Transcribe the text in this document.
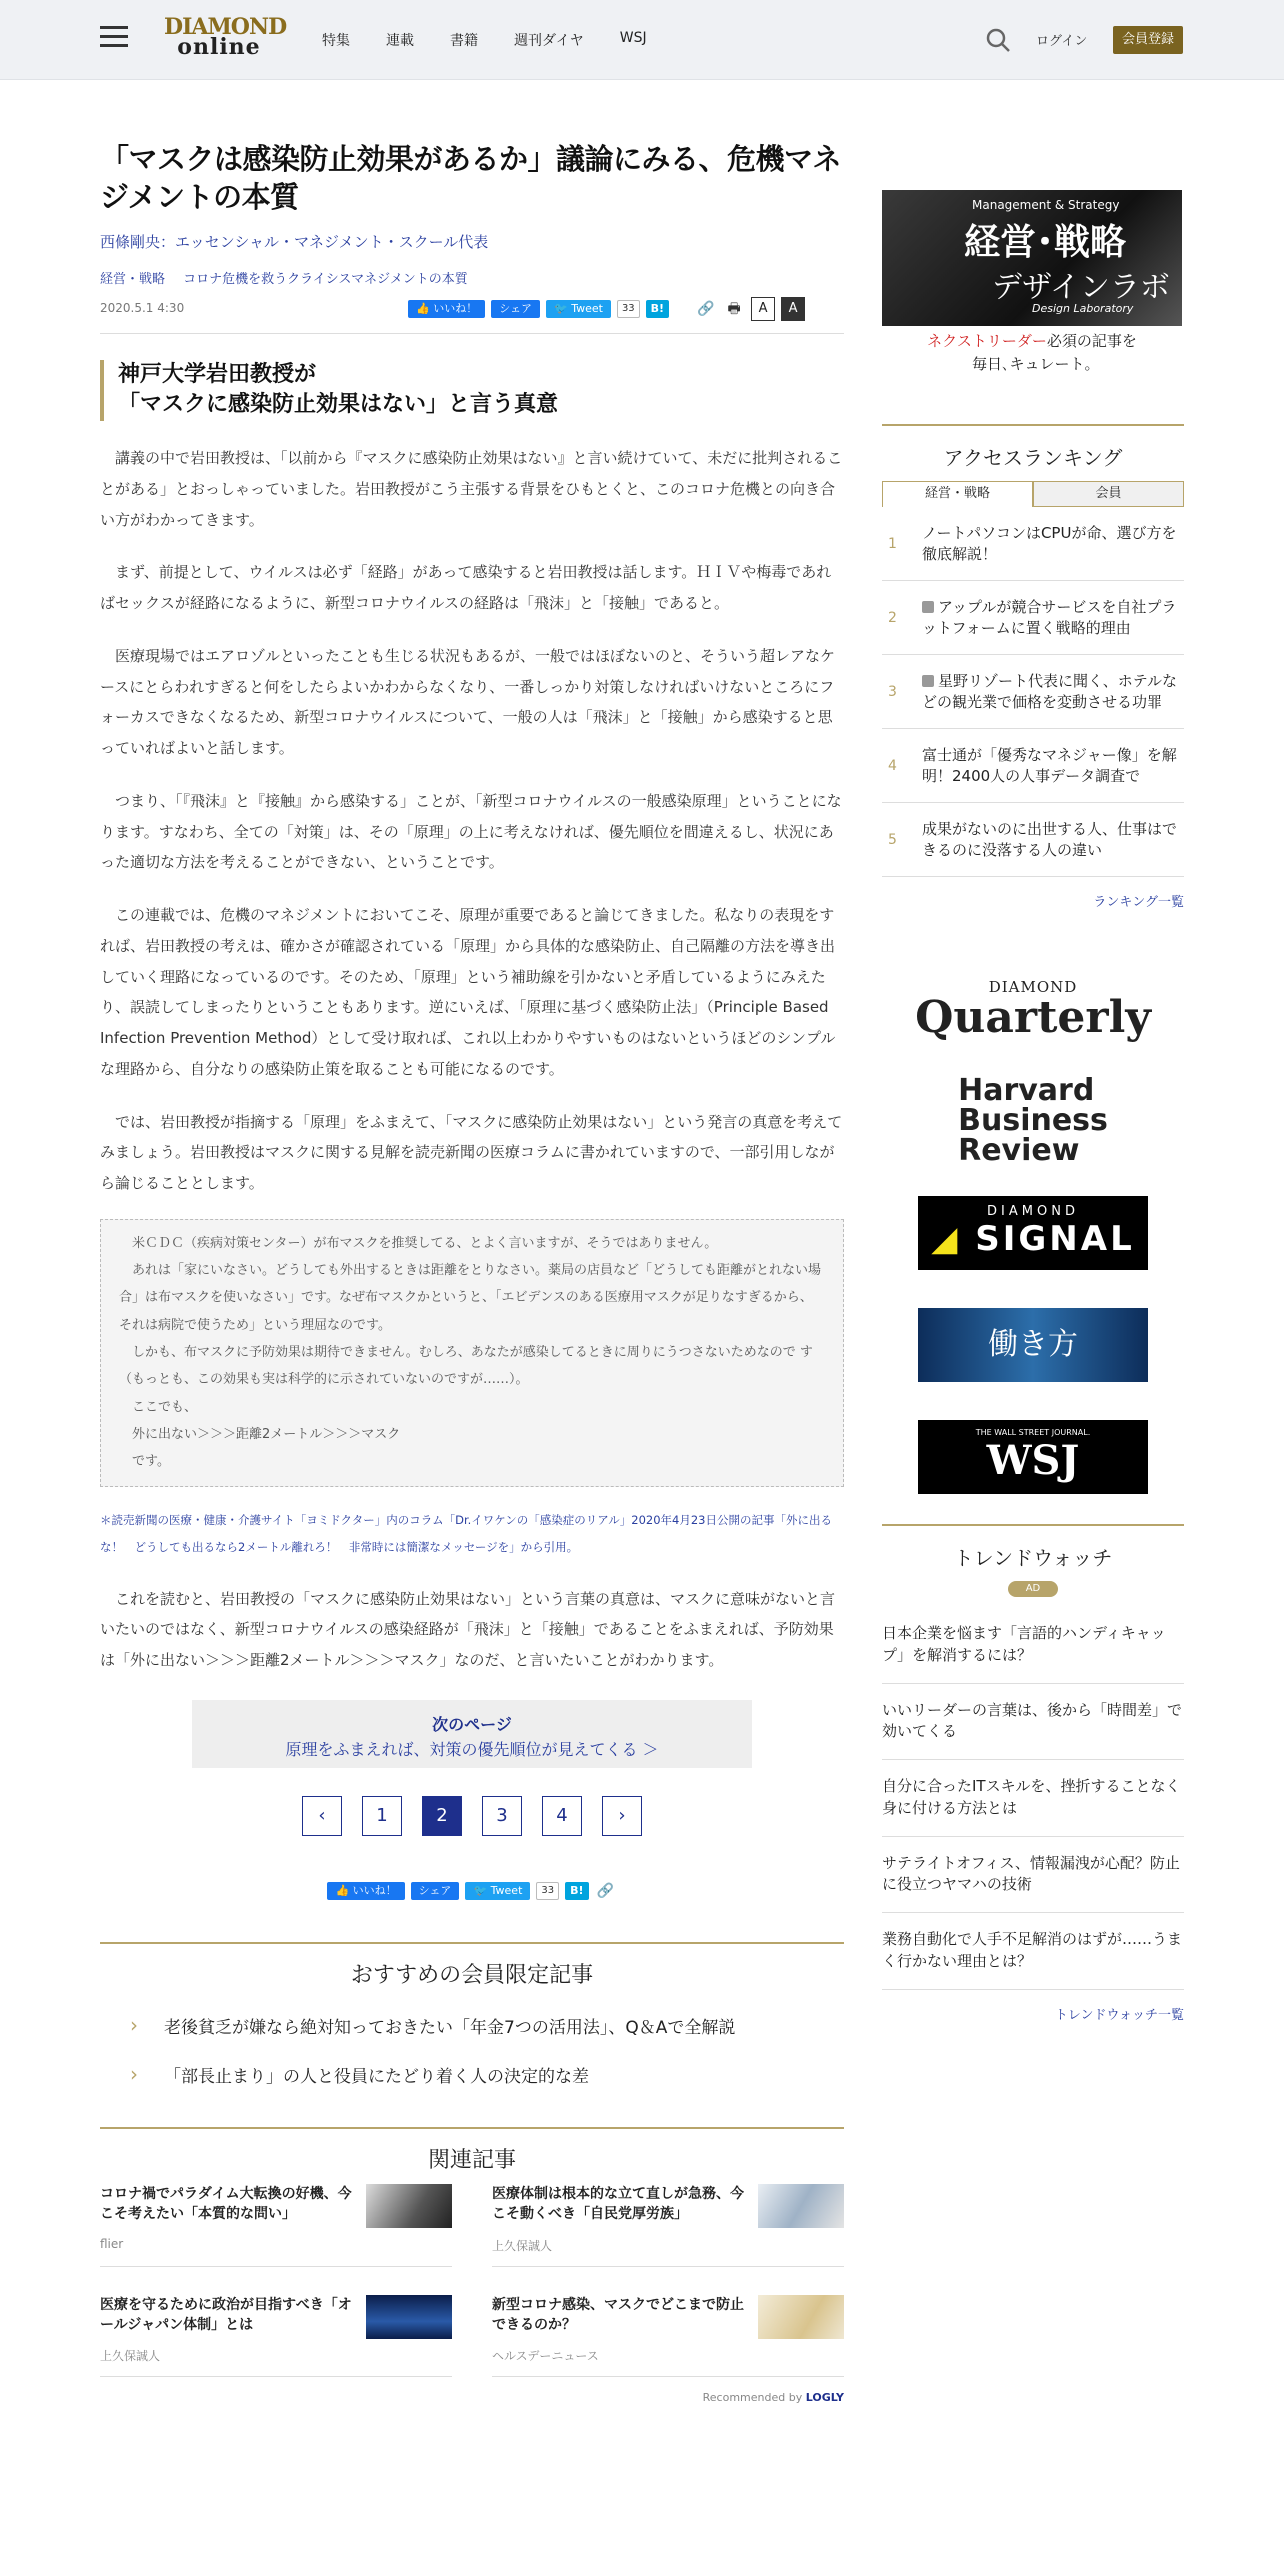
DIAMOND
online	特集	連載	書籍	週刊ダイヤ	WSJ	ログイン	会員登録
「マスクは感染防止効果があるか」議論にみる、危機マネジメントの本質
西條剛央：エッセンシャル・マネジメント・スクール代表
経営・戦略 コロナ危機を救うクライシスマネジメントの本質
2020.5.1 4:30	👍 いいね！	シェア	🐦 Tweet	33	B!	🔗 🖶	A	A
神戸大学岩田教授が
「マスクに感染防止効果はない」と言う真意

講義の中で岩田教授は、「以前から『マスクに感染防止効果はない』と言い続けていて、未だに批判されることがある」とおっしゃっていました。岩田教授がこう主張する背景をひもとくと、このコロナ危機との向き合い方がわかってきます。

まず、前提として、ウイルスは必ず「経路」があって感染すると岩田教授は話します。ＨＩＶや梅毒であればセックスが経路になるように、新型コロナウイルスの経路は「飛沫」と「接触」であると。

医療現場ではエアロゾルといったことも生じる状況もあるが、一般ではほぼないのと、そういう超レアなケースにとらわれすぎると何をしたらよいかわからなくなり、一番しっかり対策しなければいけないところにフォーカスできなくなるため、新型コロナウイルスについて、一般の人は「飛沫」と「接触」から感染すると思っていればよいと話します。

つまり、「『飛沫』と『接触』から感染する」ことが、「新型コロナウイルスの一般感染原理」ということになります。すなわち、全ての「対策」は、その「原理」の上に考えなければ、優先順位を間違えるし、状況にあった適切な方法を考えることができない、ということです。

この連載では、危機のマネジメントにおいてこそ、原理が重要であると論じてきました。私なりの表現をすれば、岩田教授の考えは、確かさが確認されている「原理」から具体的な感染防止、自己隔離の方法を導き出していく理路になっているのです。そのため、「原理」という補助線を引かないと矛盾しているようにみえたり、誤読してしまったりということもあります。逆にいえば、「原理に基づく感染防止法」（Principle Based Infection Prevention Method）として受け取れば、これ以上わかりやすいものはないというほどのシンプルな理路から、自分なりの感染防止策を取ることも可能になるのです。

では、岩田教授が指摘する「原理」をふまえて、「マスクに感染防止効果はない」という発言の真意を考えてみましょう。岩田教授はマスクに関する見解を読売新聞の医療コラムに書かれていますので、一部引用しながら論じることとします。

米ＣＤＣ（疾病対策センター）が布マスクを推奨してる、とよく言いますが、そうではありません。

あれは「家にいなさい。どうしても外出するときは距離をとりなさい。薬局の店員など「どうしても距離がとれない場合」は布マスクを使いなさい」です。なぜ布マスクかというと、「エビデンスのある医療用マスクが足りなすぎるから、それは病院で使うため」という理屈なのです。

しかも、布マスクに予防効果は期待できません。むしろ、あなたが感染してるときに周りにうつさないためなので す（もっとも、この効果も実は科学的に示されていないのですが……）。

ここでも、

外に出ない＞＞＞距離2メートル＞＞＞マスク

です。

＊読売新聞の医療・健康・介護サイト「ヨミドクター」内のコラム「Dr.イワケンの「感染症のリアル」2020年4月23日公開の記事「外に出るな！　どうしても出るなら2メートル離れろ！　非常時には簡潔なメッセージを」から引用。

これを読むと、岩田教授の「マスクに感染防止効果はない」という言葉の真意は、マスクに意味がないと言いたいのではなく、新型コロナウイルスの感染経路が「飛沫」と「接触」であることをふまえれば、予防効果は「外に出ない＞＞＞距離2メートル＞＞＞マスク」なのだ、と言いたいことがわかります。

次のページ
原理をふまえれば、対策の優先順位が見えてくる ＞
‹	1	2	3	4	›
👍 いいね！	シェア	🐦 Tweet	33	B! 🔗
おすすめの会員限定記事
› 老後貧乏が嫌なら絶対知っておきたい「年金7つの活用法」、Q＆Aで全解説
› 「部長止まり」の人と役員にたどり着く人の決定的な差
関連記事
コロナ禍でパラダイム大転換の好機、今こそ考えたい「本質的な問い」
flier
医療体制は根本的な立て直しが急務、今こそ動くべき「自民党厚労族」
上久保誠人
医療を守るために政治が目指すべき「オールジャパン体制」とは
上久保誠人
新型コロナ感染、マスクでどこまで防止できるのか？
ヘルスデーニュース
Recommended by LOGLY
Management & Strategy
経営･戦略
デザインラボ
Design Laboratory
ネクストリーダー必須の記事を
毎日､キュレート｡
アクセスランキング
経営・戦略	会員
1
ノートパソコンはCPUが命、選び方を徹底解説！
2
アップルが競合サービスを自社プラットフォームに置く戦略的理由
3
星野リゾート代表に聞く、ホテルなどの観光業で価格を変動させる功罪
4
富士通が「優秀なマネジャー像」を解明！2400人の人事データ調査で
5
成果がないのに出世する人、仕事はできるのに没落する人の違い
ランキング一覧
DIAMOND
Quarterly
Harvard
Business
Review
DIAMOND
◢ SIGNAL
働き方
THE WALL STREET JOURNAL.
WSJ
トレンドウォッチ
AD
日本企業を悩ます「言語的ハンディキャップ」を解消するには？
いいリーダーの言葉は、後から「時間差」で効いてくる
自分に合ったITスキルを、挫折することなく身に付ける方法とは
サテライトオフィス、情報漏洩が心配？防止に役立つヤマハの技術
業務自動化で人手不足解消のはずが……うまく行かない理由とは？
トレンドウォッチ一覧
